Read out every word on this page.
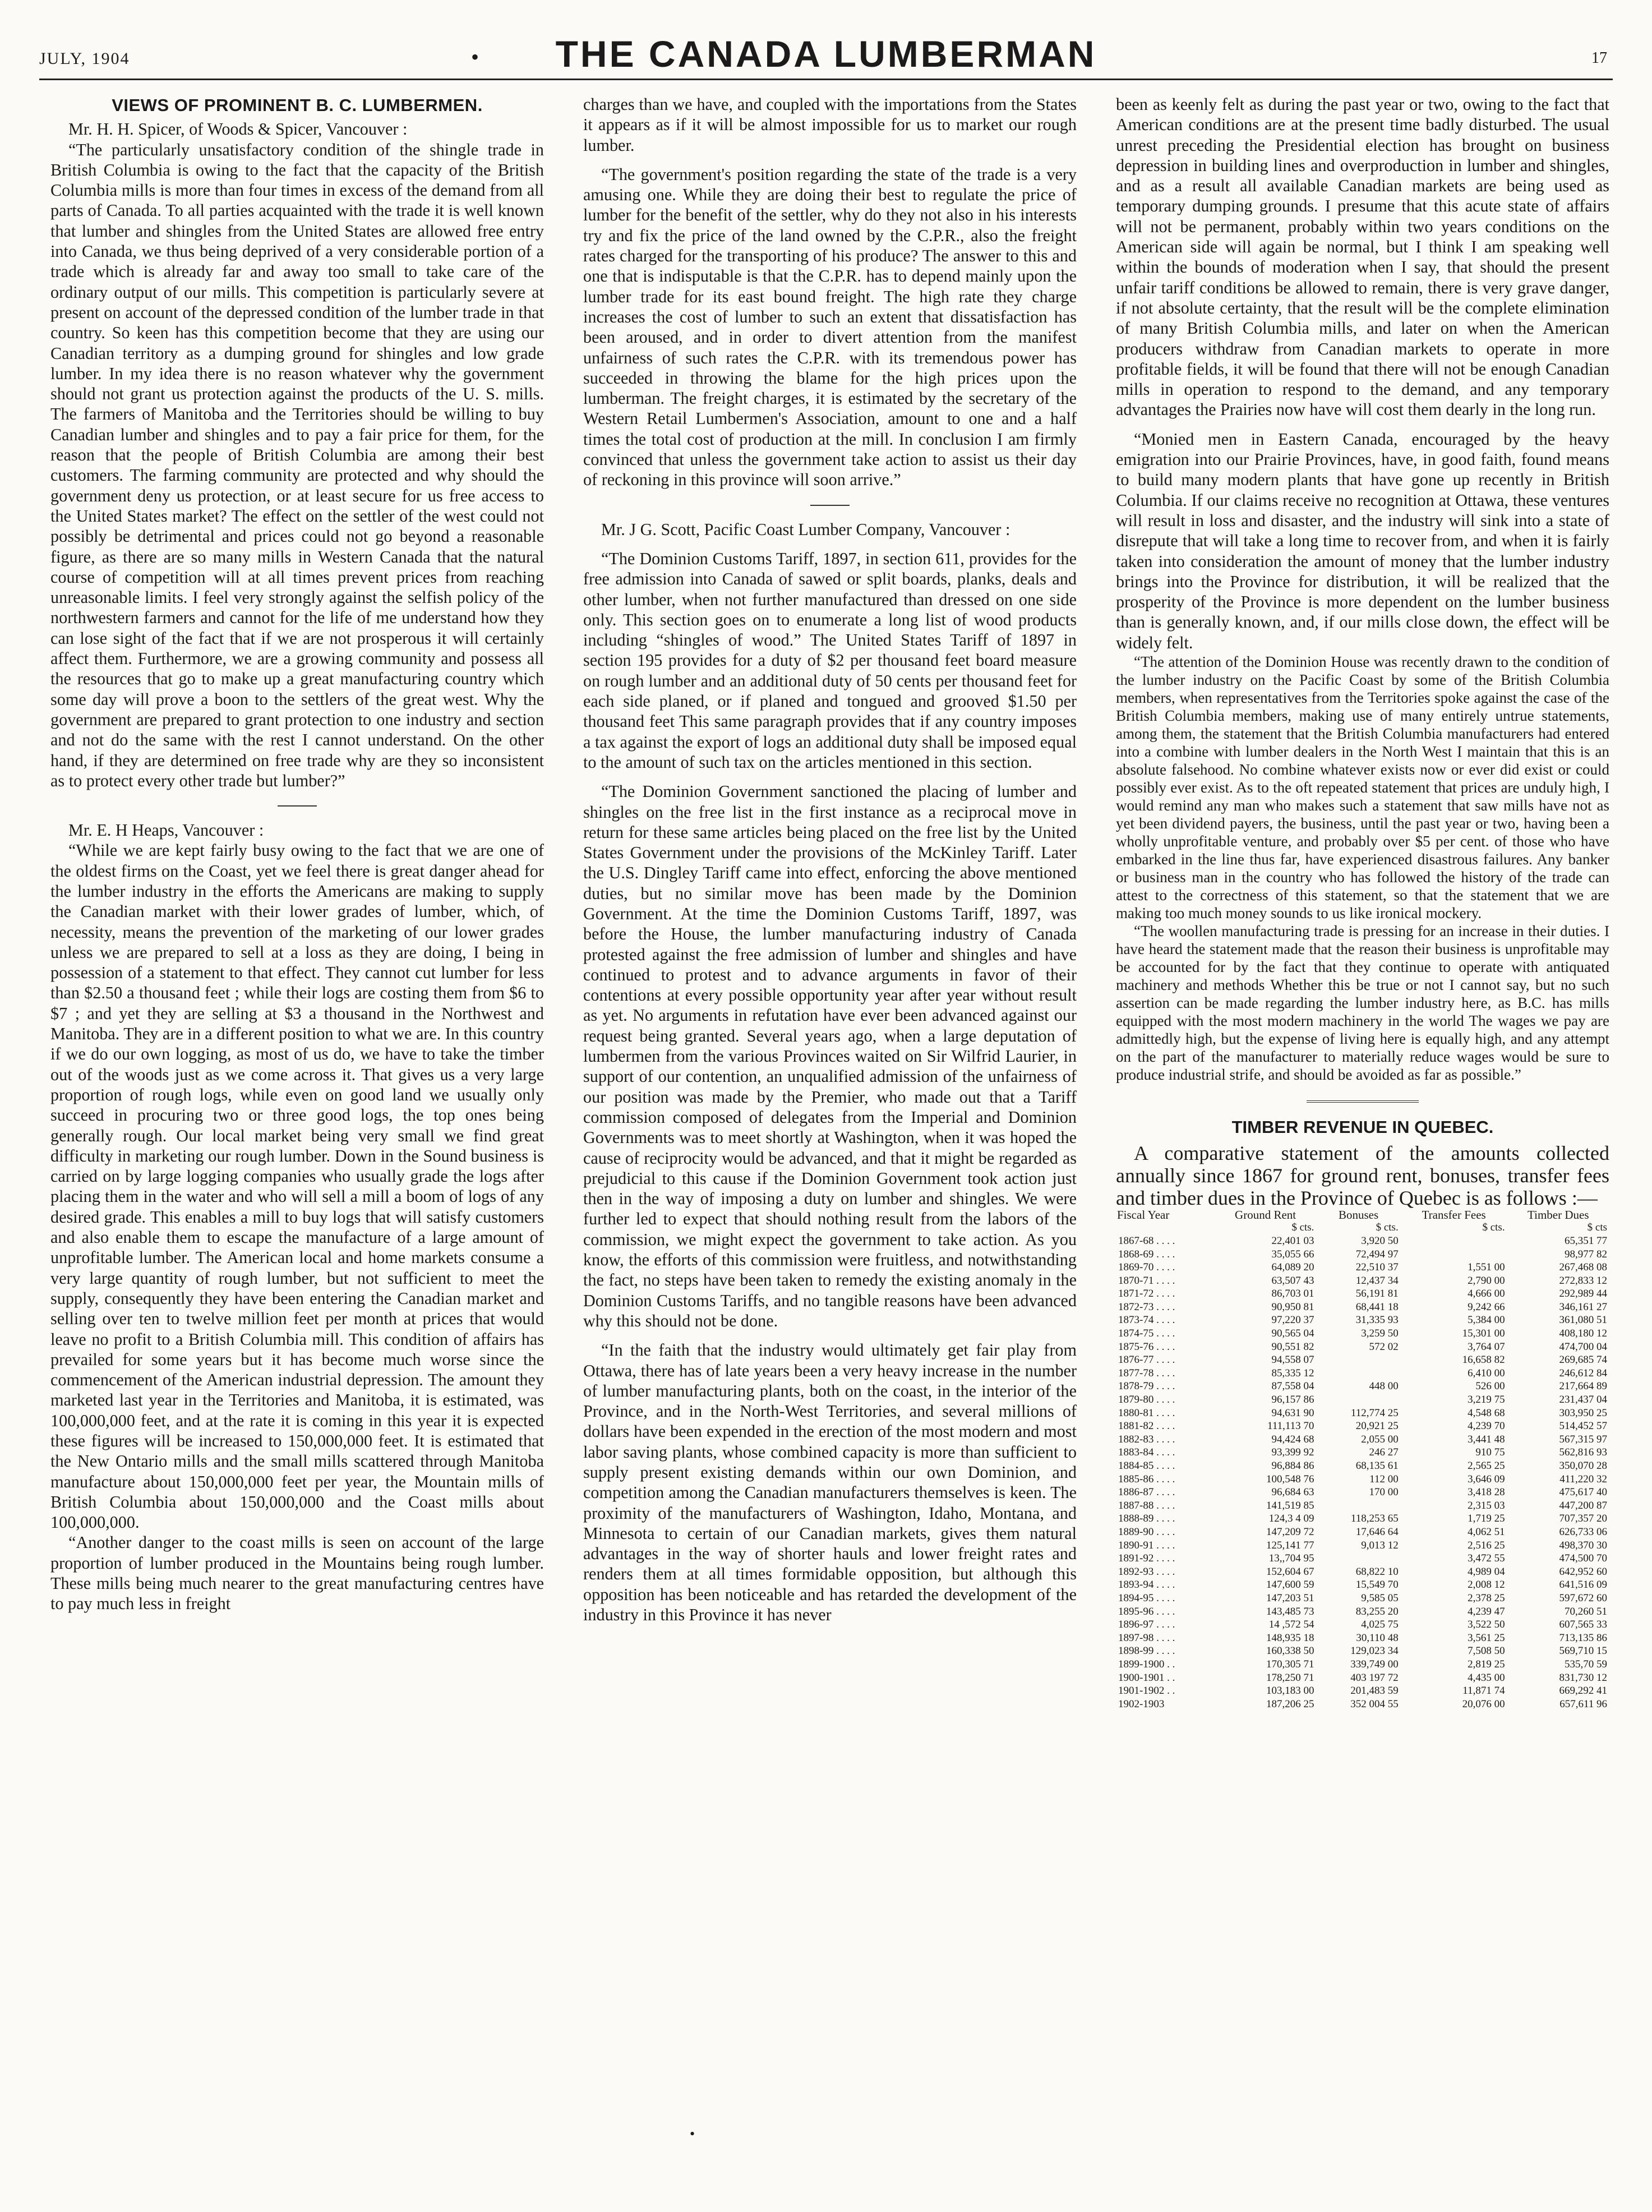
JULY, 1904	•	THE CANADA LUMBERMAN	17
VIEWS OF PROMINENT B. C. LUMBERMEN.

Mr. H. H. Spicer, of Woods & Spicer, Vancouver :

“The particularly unsatisfactory condition of the shingle trade in British Columbia is owing to the fact that the capacity of the British Columbia mills is more than four times in excess of the demand from all parts of Canada. To all parties acquainted with the trade it is well known that lumber and shingles from the United States are allowed free entry into Canada, we thus being deprived of a very considerable portion of a trade which is already far and away too small to take care of the ordinary output of our mills. This competition is particularly severe at present on account of the depressed condition of the lumber trade in that country. So keen has this competition become that they are using our Canadian territory as a dumping ground for shingles and low grade lumber. In my idea there is no reason whatever why the government should not grant us protection against the products of the U. S. mills. The farmers of Manitoba and the Territories should be willing to buy Canadian lumber and shingles and to pay a fair price for them, for the reason that the people of British Columbia are among their best customers. The farming community are protected and why should the government deny us protection, or at least secure for us free access to the United States market? The effect on the settler of the west could not possibly be detrimental and prices could not go beyond a reasonable figure, as there are so many mills in Western Canada that the natural course of competition will at all times prevent prices from reaching unreasonable limits. I feel very strongly against the selfish policy of the northwestern farmers and cannot for the life of me understand how they can lose sight of the fact that if we are not prosperous it will certainly affect them. Furthermore, we are a growing community and possess all the resources that go to make up a great manufacturing country which some day will prove a boon to the settlers of the great west. Why the government are prepared to grant protection to one industry and section and not do the same with the rest I cannot understand. On the other hand, if they are determined on free trade why are they so inconsistent as to protect every other trade but lumber?”

Mr. E. H Heaps, Vancouver :

“While we are kept fairly busy owing to the fact that we are one of the oldest firms on the Coast, yet we feel there is great danger ahead for the lumber industry in the efforts the Americans are making to supply the Canadian market with their lower grades of lumber, which, of necessity, means the prevention of the marketing of our lower grades unless we are prepared to sell at a loss as they are doing, I being in possession of a statement to that effect. They cannot cut lumber for less than $2.50 a thousand feet ; while their logs are costing them from $6 to $7 ; and yet they are selling at $3 a thousand in the Northwest and Manitoba. They are in a different position to what we are. In this country if we do our own logging, as most of us do, we have to take the timber out of the woods just as we come across it. That gives us a very large proportion of rough logs, while even on good land we usually only succeed in procuring two or three good logs, the top ones being generally rough. Our local market being very small we find great difficulty in marketing our rough lumber. Down in the Sound business is carried on by large logging companies who usually grade the logs after placing them in the water and who will sell a mill a boom of logs of any desired grade. This enables a mill to buy logs that will satisfy customers and also enable them to escape the manufacture of a large amount of unprofitable lumber. The American local and home markets consume a very large quantity of rough lumber, but not sufficient to meet the supply, consequently they have been entering the Canadian market and selling over ten to twelve million feet per month at prices that would leave no profit to a British Columbia mill. This condition of affairs has prevailed for some years but it has become much worse since the commencement of the American industrial depression. The amount they marketed last year in the Territories and Manitoba, it is estimated, was 100,000,000 feet, and at the rate it is coming in this year it is expected these figures will be increased to 150,000,000 feet. It is estimated that the New Ontario mills and the small mills scattered through Manitoba manufacture about 150,000,000 feet per year, the Mountain mills of British Columbia about 150,000,000 and the Coast mills about 100,000,000.

“Another danger to the coast mills is seen on account of the large proportion of lumber produced in the Mountains being rough lumber. These mills being much nearer to the great manufacturing centres have to pay much less in freight

charges than we have, and coupled with the importations from the States it appears as if it will be almost impossible for us to market our rough lumber.

“The government's position regarding the state of the trade is a very amusing one. While they are doing their best to regulate the price of lumber for the benefit of the settler, why do they not also in his interests try and fix the price of the land owned by the C.P.R., also the freight rates charged for the transporting of his produce? The answer to this and one that is indisputable is that the C.P.R. has to depend mainly upon the lumber trade for its east bound freight. The high rate they charge increases the cost of lumber to such an extent that dissatisfaction has been aroused, and in order to divert attention from the manifest unfairness of such rates the C.P.R. with its tremendous power has succeeded in throwing the blame for the high prices upon the lumberman. The freight charges, it is estimated by the secretary of the Western Retail Lumbermen's Association, amount to one and a half times the total cost of production at the mill. In conclusion I am firmly convinced that unless the government take action to assist us their day of reckoning in this province will soon arrive.”

Mr. J G. Scott, Pacific Coast Lumber Company, Vancouver :

“The Dominion Customs Tariff, 1897, in section 611, provides for the free admission into Canada of sawed or split boards, planks, deals and other lumber, when not further manufactured than dressed on one side only. This section goes on to enumerate a long list of wood products including “shingles of wood.” The United States Tariff of 1897 in section 195 provides for a duty of $2 per thousand feet board measure on rough lumber and an additional duty of 50 cents per thousand feet for each side planed, or if planed and tongued and grooved $1.50 per thousand feet This same paragraph provides that if any country imposes a tax against the export of logs an additional duty shall be imposed equal to the amount of such tax on the articles mentioned in this section.

“The Dominion Government sanctioned the placing of lumber and shingles on the free list in the first instance as a reciprocal move in return for these same articles being placed on the free list by the United States Government under the provisions of the McKinley Tariff. Later the U.S. Dingley Tariff came into effect, enforcing the above mentioned duties, but no similar move has been made by the Dominion Government. At the time the Dominion Customs Tariff, 1897, was before the House, the lumber manufacturing industry of Canada protested against the free admission of lumber and shingles and have continued to protest and to advance arguments in favor of their contentions at every possible opportunity year after year without result as yet. No arguments in refutation have ever been advanced against our request being granted. Several years ago, when a large deputation of lumbermen from the various Provinces waited on Sir Wilfrid Laurier, in support of our contention, an unqualified admission of the unfairness of our position was made by the Premier, who made out that a Tariff commission composed of delegates from the Imperial and Dominion Governments was to meet shortly at Washington, when it was hoped the cause of reciprocity would be advanced, and that it might be regarded as prejudicial to this cause if the Dominion Government took action just then in the way of imposing a duty on lumber and shingles. We were further led to expect that should nothing result from the labors of the commission, we might expect the government to take action. As you know, the efforts of this commission were fruitless, and notwithstanding the fact, no steps have been taken to remedy the existing anomaly in the Dominion Customs Tariffs, and no tangible reasons have been advanced why this should not be done.

“In the faith that the industry would ultimately get fair play from Ottawa, there has of late years been a very heavy increase in the number of lumber manufacturing plants, both on the coast, in the interior of the Province, and in the North-West Territories, and several millions of dollars have been expended in the erection of the most modern and most labor saving plants, whose combined capacity is more than sufficient to supply present existing demands within our own Dominion, and competition among the Canadian manufacturers themselves is keen. The proximity of the manufacturers of Washington, Idaho, Montana, and Minnesota to certain of our Canadian markets, gives them natural advantages in the way of shorter hauls and lower freight rates and renders them at all times formidable opposition, but although this opposition has been noticeable and has retarded the development of the industry in this Province it has never

been as keenly felt as during the past year or two, owing to the fact that American conditions are at the present time badly disturbed. The usual unrest preceding the Presidential election has brought on business depression in building lines and overproduction in lumber and shingles, and as a result all available Canadian markets are being used as temporary dumping grounds. I presume that this acute state of affairs will not be permanent, probably within two years conditions on the American side will again be normal, but I think I am speaking well within the bounds of moderation when I say, that should the present unfair tariff conditions be allowed to remain, there is very grave danger, if not absolute certainty, that the result will be the complete elimination of many British Columbia mills, and later on when the American producers withdraw from Canadian markets to operate in more profitable fields, it will be found that there will not be enough Canadian mills in operation to respond to the demand, and any temporary advantages the Prairies now have will cost them dearly in the long run.

“Monied men in Eastern Canada, encouraged by the heavy emigration into our Prairie Provinces, have, in good faith, found means to build many modern plants that have gone up recently in British Columbia. If our claims receive no recognition at Ottawa, these ventures will result in loss and disaster, and the industry will sink into a state of disrepute that will take a long time to recover from, and when it is fairly taken into consideration the amount of money that the lumber industry brings into the Province for distribution, it will be realized that the prosperity of the Province is more dependent on the lumber business than is generally known, and, if our mills close down, the effect will be widely felt.

“The attention of the Dominion House was recently drawn to the condition of the lumber industry on the Pacific Coast by some of the British Columbia members, when representatives from the Territories spoke against the case of the British Columbia members, making use of many entirely untrue statements, among them, the statement that the British Columbia manufacturers had entered into a combine with lumber dealers in the North West I maintain that this is an absolute falsehood. No combine whatever exists now or ever did exist or could possibly ever exist. As to the oft repeated statement that prices are unduly high, I would remind any man who makes such a statement that saw mills have not as yet been dividend payers, the business, until the past year or two, having been a wholly unprofitable venture, and probably over $5 per cent. of those who have embarked in the line thus far, have experienced disastrous failures. Any banker or business man in the country who has followed the history of the trade can attest to the correctness of this statement, so that the statement that we are making too much money sounds to us like ironical mockery.

“The woollen manufacturing trade is pressing for an increase in their duties. I have heard the statement made that the reason their business is unprofitable may be accounted for by the fact that they continue to operate with antiquated machinery and methods Whether this be true or not I cannot say, but no such assertion can be made regarding the lumber industry here, as B.C. has mills equipped with the most modern machinery in the world The wages we pay are admittedly high, but the expense of living here is equally high, and any attempt on the part of the manufacturer to materially reduce wages would be sure to produce industrial strife, and should be avoided as far as possible.”

TIMBER REVENUE IN QUEBEC.

A comparative statement of the amounts collected annually since 1867 for ground rent, bonuses, transfer fees and timber dues in the Province of Quebec is as follows :—

Fiscal Year	Ground Rent	Bonuses	Transfer Fees	Timber Dues
	$ cts.	$ cts.	$ cts.	$ cts
1867-68 . . . .	22,401 03	3,920 50		65,351 77
1868-69 . . . .	35,055 66	72,494 97		98,977 82
1869-70 . . . .	64,089 20	22,510 37	1,551 00	267,468 08
1870-71 . . . .	63,507 43	12,437 34	2,790 00	272,833 12
1871-72 . . . .	86,703 01	56,191 81	4,666 00	292,989 44
1872-73 . . . .	90,950 81	68,441 18	9,242 66	346,161 27
1873-74 . . . .	97,220 37	31,335 93	5,384 00	361,080 51
1874-75 . . . .	90,565 04	3,259 50	15,301 00	408,180 12
1875-76 . . . .	90,551 82	572 02	3,764 07	474,700 04
1876-77 . . . .	94,558 07		16,658 82	269,685 74
1877-78 . . . .	85,335 12		6,410 00	246,612 84
1878-79 . . . .	87,558 04	448 00	526 00	217,664 89
1879-80 . . . .	96,157 86		3,219 75	231,437 04
1880-81 . . . .	94,631 90	112,774 25	4,548 68	303,950 25
1881-82 . . . .	111,113 70	20,921 25	4,239 70	514,452 57
1882-83 . . . .	94,424 68	2,055 00	3,441 48	567,315 97
1883-84 . . . .	93,399 92	246 27	910 75	562,816 93
1884-85 . . . .	96,884 86	68,135 61	2,565 25	350,070 28
1885-86 . . . .	100,548 76	112 00	3,646 09	411,220 32
1886-87 . . . .	96,684 63	170 00	3,418 28	475,617 40
1887-88 . . . .	141,519 85		2,315 03	447,200 87
1888-89 . . . .	124,3 4 09	118,253 65	1,719 25	707,357 20
1889-90 . . . .	147,209 72	17,646 64	4,062 51	626,733 06
1890-91 . . . .	125,141 77	9,013 12	2,516 25	498,370 30
1891-92 . . . .	13,,704 95		3,472 55	474,500 70
1892-93 . . . .	152,604 67	68,822 10	4,989 04	642,952 60
1893-94 . . . .	147,600 59	15,549 70	2,008 12	641,516 09
1894-95 . . . .	147,203 51	9,585 05	2,378 25	597,672 60
1895-96 . . . .	143,485 73	83,255 20	4,239 47	70,260 51
1896-97 . . . .	14 ,572 54	4,025 75	3,522 50	607,565 33
1897-98 . . . .	148,935 18	30,110 48	3,561 25	713,135 86
1898-99 . . . .	160,338 50	129,023 34	7,508 50	569,710 15
1899-1900 . .	170,305 71	339,749 00	2,819 25	535,70 59
1900-1901 . .	178,250 71	403 197 72	4,435 00	831,730 12
1901-1902 . .	103,183 00	201,483 59	11,871 74	669,292 41
1902-1903	187,206 25	352 004 55	20,076 00	657,611 96
•
